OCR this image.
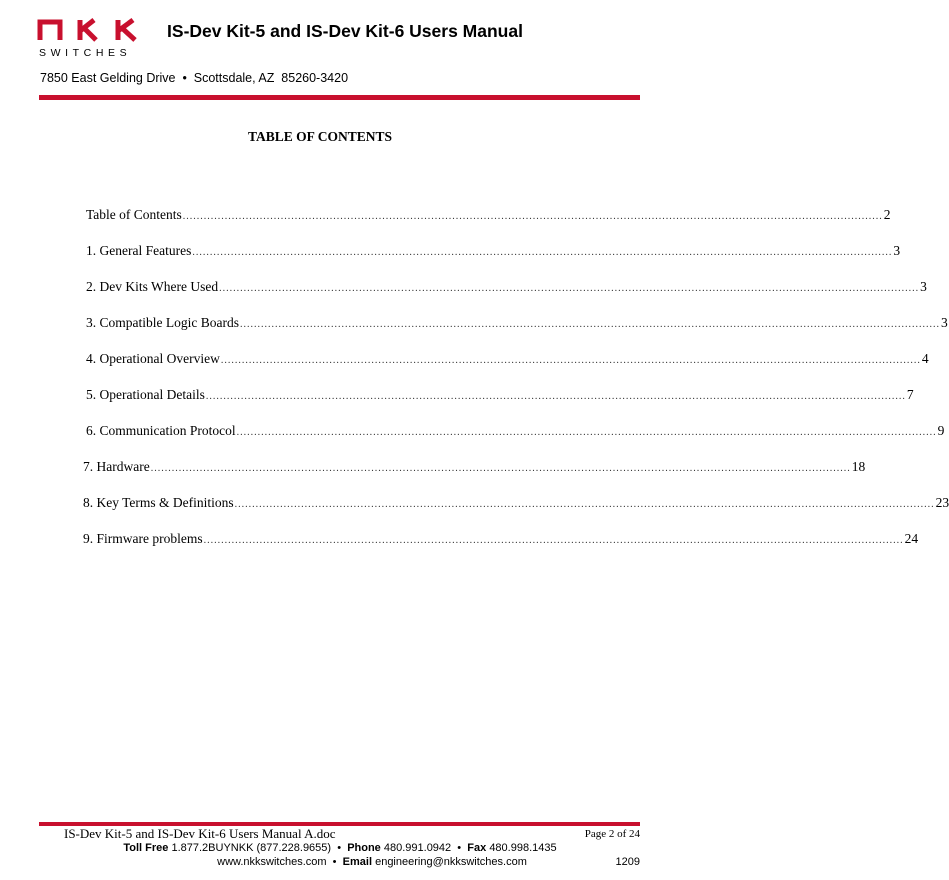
SWITCHES
IS-Dev Kit-5 and IS-Dev Kit-6 Users Manual
7850 East Gelding Drive  •  Scottsdale, AZ  85260-3420
TABLE OF CONTENTS
Table of Contents ........................................................................................................................................................................................................ 2
1. General Features ........................................................................................................................................................................................................ 3
2. Dev Kits Where Used ........................................................................................................................................................................................................ 3
3. Compatible Logic Boards ........................................................................................................................................................................................................ 3
4. Operational Overview ........................................................................................................................................................................................................ 4
5. Operational Details ........................................................................................................................................................................................................ 7
6. Communication Protocol ........................................................................................................................................................................................................ 9
7. Hardware ........................................................................................................................................................................................................ 18
8. Key Terms & Definitions ........................................................................................................................................................................................................ 23
9. Firmware problems ........................................................................................................................................................................................................ 24
IS-Dev Kit-5 and IS-Dev Kit-6 Users Manual A.doc	Page 2 of 24
Toll Free 1.877.2BUYNKK (877.228.9655) • Phone 480.991.0942 • Fax 480.998.1435
www.nkkswitches.com • Email engineering@nkkswitches.com	1209
